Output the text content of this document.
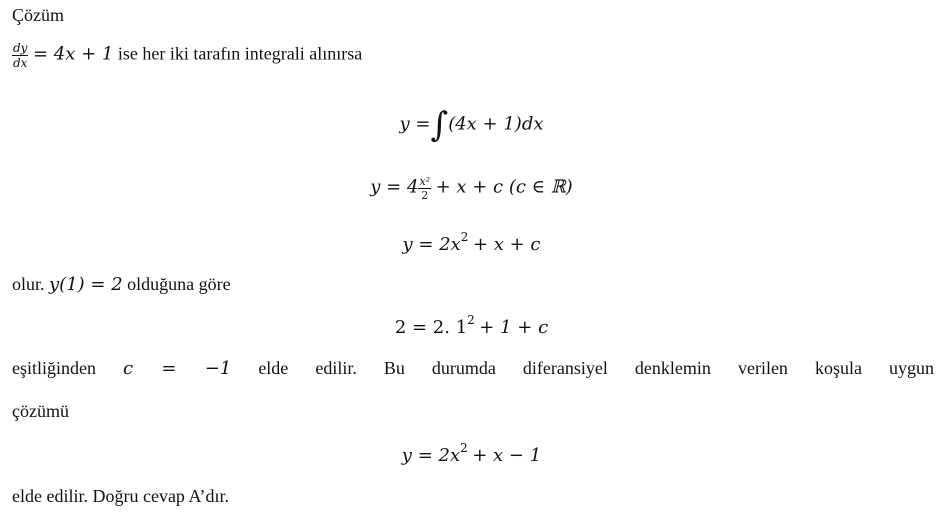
Çözüm
$\frac{dy}{dx} = 4x + 1$ ise her iki tarafın integrali alınırsa
y =∫(4x + 1)dx
$y = 4 \frac{\text{x²}}{2} + x + c$ (c ∈ ℝ)
$y = 2x^2 + x + c$
olur. y(1) = 2 olduğuna göre
2 = 2. $1^2 + 1 + c$
eşitliğinden c = −1 elde edilir. Bu durumda diferansiyel denklemin verilen koşula uygun
çözümü
$y = 2x^2 + x - 1$
elde edilir. Doğru cevap A’dır.
